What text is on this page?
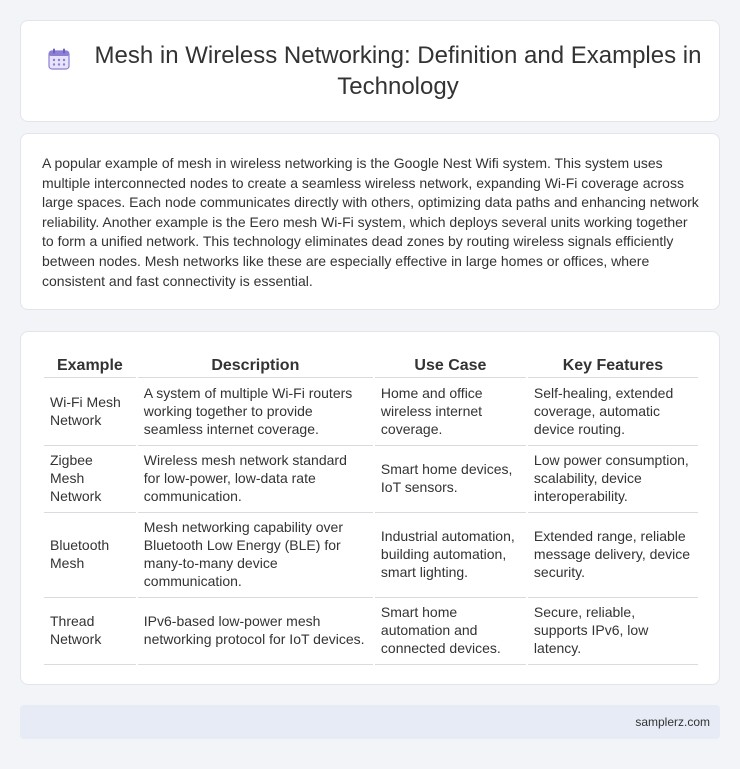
Mesh in Wireless Networking: Definition and Examples in Technology

A popular example of mesh in wireless networking is the Google Nest Wifi system. This system uses multiple interconnected nodes to create a seamless wireless network, expanding Wi-Fi coverage across large spaces. Each node communicates directly with others, optimizing data paths and enhancing network reliability. Another example is the Eero mesh Wi-Fi system, which deploys several units working together to form a unified network. This technology eliminates dead zones by routing wireless signals efficiently between nodes. Mesh networks like these are especially effective in large homes or offices, where consistent and fast connectivity is essential.

Example	Description	Use Case	Key Features
Wi-Fi Mesh Network	A system of multiple Wi-Fi routers working together to provide seamless internet coverage.	Home and office wireless internet coverage.	Self-healing, extended coverage, automatic device routing.
Zigbee Mesh Network	Wireless mesh network standard for low-power, low-data rate communication.	Smart home devices, IoT sensors.	Low power consumption, scalability, device interoperability.
Bluetooth Mesh	Mesh networking capability over Bluetooth Low Energy (BLE) for many-to-many device communication.	Industrial automation, building automation, smart lighting.	Extended range, reliable message delivery, device security.
Thread Network	IPv6-based low-power mesh networking protocol for IoT devices.	Smart home automation and connected devices.	Secure, reliable, supports IPv6, low latency.
samplerz.com
